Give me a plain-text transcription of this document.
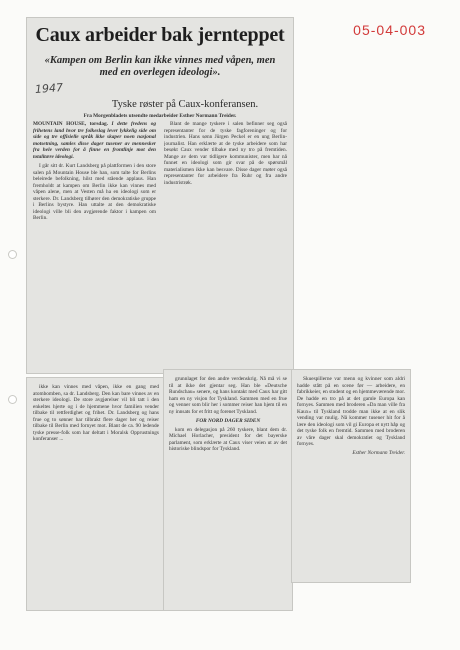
05-04-003
Caux arbeider bak jernteppet
«Kampen om Berlin kan ikke vinnes med våpen, men med en overlegen ideologi».
1947
Tyske røster på Caux-konferansen.
Fra Morgenbladets utsendte medarbeider Esther Normann Treider.
MOUNTAIN HOUSE, torsdag. I dette fredens og frihetens land hvor tre folkeslag lever lykkelig side om side og tre offisielle språk ikke skaper noen nasjonal motsetning, samles disse dager tusener av mennesker fra hele verden for å finne en frontlinje mot den totalitære ideologi.

I går sitt dr. Kurt Landsberg på plattformen i den store salen på Mountain House ble han, som talte for Berlins beleirede befolkning, hilst med stående applaus. Han fremholdt at kampen om Berlin ikke kan vinnes med våpen alene, men at Vesten må ha en ideologi som er sterkere. Dr. Landsberg tilhører den demokratiske gruppe i Berlins bystyre. Han uttalte at den demokratiske ideologi ville bli den avgjørende faktor i kampen om Berlin.

Blant de mange tyskere i salen befinner seg også representanter for de tyske fagforeninger og for industrien. Hans sønn Jürgen Peckel er en ung Berlin-journalist. Han erklærte at de tyske arbeidere som har besøkt Caux vender tilbake med ny tro på fremtiden. Mange av dem var tidligere kommunister, men har nå funnet en ideologi som gir svar på de spørsmål materialismen ikke kan besvare. Disse dager møter også representanter for arbeidere fra Ruhr og fra andre industristrøk.

ikke kan vinnes med våpen, ikke en gang med atombomben, sa dr. Landsberg. Den kan bare vinnes av en sterkere ideologi. De store avgjørelser vil bli tatt i den enkeltes hjerte og i de hjemmene hvor familien vender tilbake til rettferdighet og frihet. Dr. Landsberg og hans frue og to sønner har tilbrakt flere dager her og reiser tilbake til Berlin med fornyet mot. Blant de ca. 90 ledende tyske presse-folk som har deltatt i Moralsk Opprustnings konferanser ...

grunnlaget for den andre verdenskrig. Nå må vi se til at ikke det gjentar seg. Han ble «Deutsche Rundschau» senere, og hans kontakt med Caux har gitt ham en ny visjon for Tyskland. Sammen med en frue og venner som blir her i sommer reiser han hjem til en ny innsats for et fritt og forenet Tyskland.

FOR NORD DAGER SIDEN

kom en delegasjon på 260 tyskere, blant dem dr. Michael Horlacher, president for det bayerske parlament, som erklærte at Caux viser veien ut av det historiske blindspor for Tyskland.

Skuespillerne var menn og kvinner som aldri hadde stått på en scene før — arbeidere, en fabrikkeier, en student og en hjemmeværende mor. De hadde en tro på at det gamle Europa kan fornyes. Sammen med broderen «Da man ville fra Kaux» til Tyskland trodde man ikke at en slik vending var mulig. Nå kommer tusener hit for å lære den ideologi som vil gi Europa et nytt håp og det tyske folk en fremtid. Sammen med broderen av våre dager skal demokratiet og Tyskland fornyes.

Esther Normann Treider.
